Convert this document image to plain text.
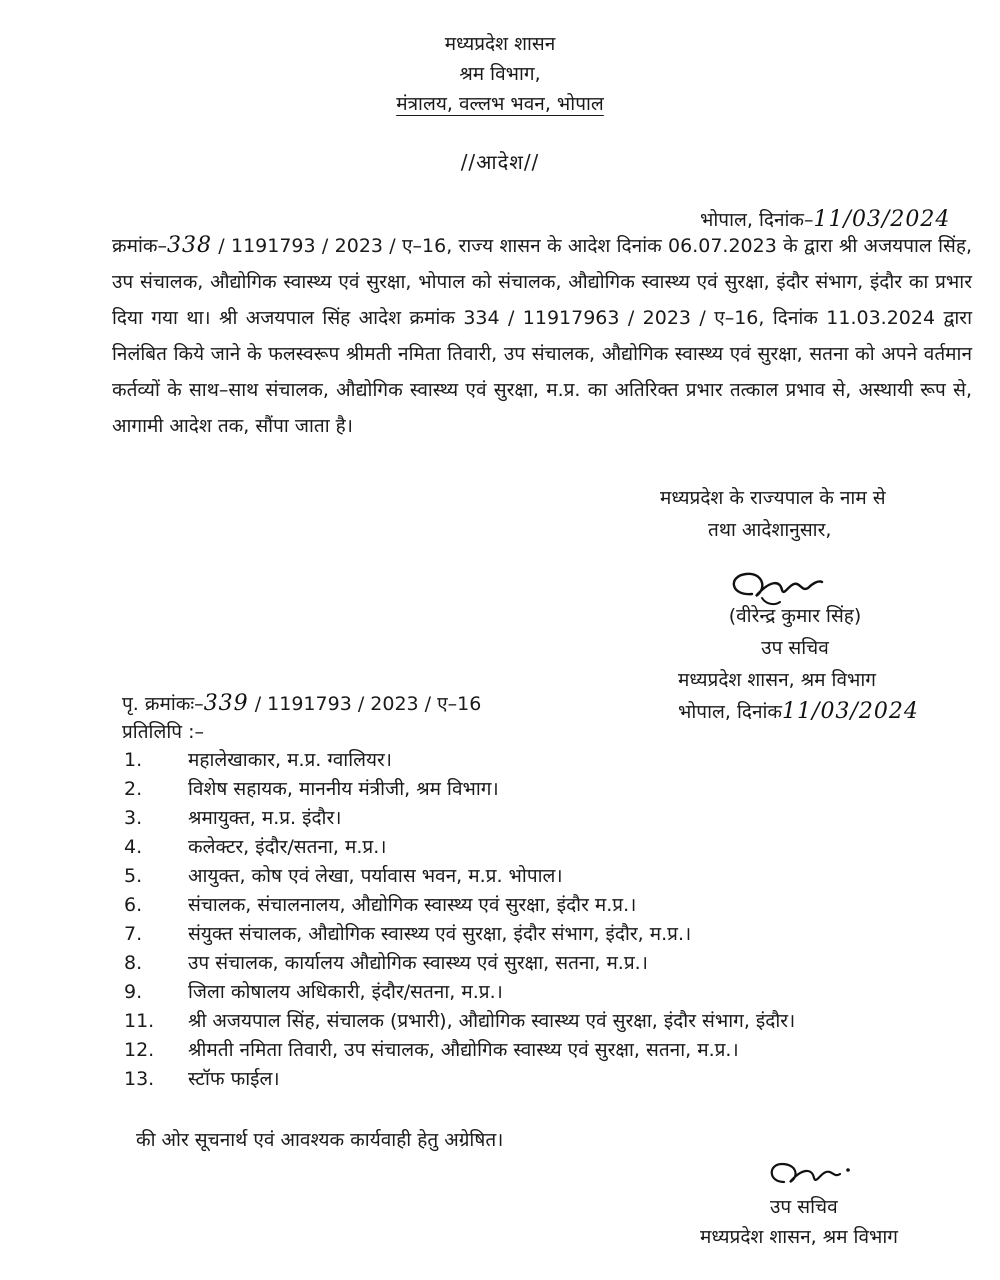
मध्यप्रदेश शासन
श्रम विभाग,
मंत्रालय, वल्लभ भवन, भोपाल
//आदेश//
भोपाल, दिनांक–11/03/2024
क्रमांक–338 / 1191793 / 2023 / ए–16, राज्य शासन के आदेश दिनांक 06.07.2023 के द्वारा श्री अजयपाल सिंह, उप संचालक, औद्योगिक स्वास्थ्य एवं सुरक्षा, भोपाल को संचालक, औद्योगिक स्वास्थ्य एवं सुरक्षा, इंदौर संभाग, इंदौर का प्रभार दिया गया था। श्री अजयपाल सिंह आदेश क्रमांक 334 / 11917963 / 2023 / ए–16, दिनांक 11.03.2024 द्वारा निलंबित किये जाने के फलस्वरूप श्रीमती नमिता तिवारी, उप संचालक, औद्योगिक स्वास्थ्य एवं सुरक्षा, सतना को अपने वर्तमान कर्तव्यों के साथ–साथ संचालक, औद्योगिक स्वास्थ्य एवं सुरक्षा, म.प्र. का अतिरिक्त प्रभार तत्काल प्रभाव से, अस्थायी रूप से, आगामी आदेश तक, सौंपा जाता है।
मध्यप्रदेश के राज्यपाल के नाम से
तथा आदेशानुसार,
(वीरेन्द्र कुमार सिंह)
उप सचिव
मध्यप्रदेश शासन, श्रम विभाग
भोपाल, दिनांक11/03/2024
पृ. क्रमांकः–339 / 1191793 / 2023 / ए–16
प्रतिलिपि :–
1.	महालेखाकार, म.प्र. ग्वालियर।
2.	विशेष सहायक, माननीय मंत्रीजी, श्रम विभाग।
3.	श्रमायुक्त, म.प्र. इंदौर।
4.	कलेक्टर, इंदौर/सतना, म.प्र.।
5.	आयुक्त, कोष एवं लेखा, पर्यावास भवन, म.प्र. भोपाल।
6.	संचालक, संचालनालय, औद्योगिक स्वास्थ्य एवं सुरक्षा, इंदौर म.प्र.।
7.	संयुक्त संचालक, औद्योगिक स्वास्थ्य एवं सुरक्षा, इंदौर संभाग, इंदौर, म.प्र.।
8.	उप संचालक, कार्यालय औद्योगिक स्वास्थ्य एवं सुरक्षा, सतना, म.प्र.।
9.	जिला कोषालय अधिकारी, इंदौर/सतना, म.प्र.।
11.	श्री अजयपाल सिंह, संचालक (प्रभारी), औद्योगिक स्वास्थ्य एवं सुरक्षा, इंदौर संभाग, इंदौर।
12.	श्रीमती नमिता तिवारी, उप संचालक, औद्योगिक स्वास्थ्य एवं सुरक्षा, सतना, म.प्र.।
13.	स्टॉफ फाईल।
की ओर सूचनार्थ एवं आवश्यक कार्यवाही हेतु अग्रेषित।
उप सचिव
मध्यप्रदेश शासन, श्रम विभाग
